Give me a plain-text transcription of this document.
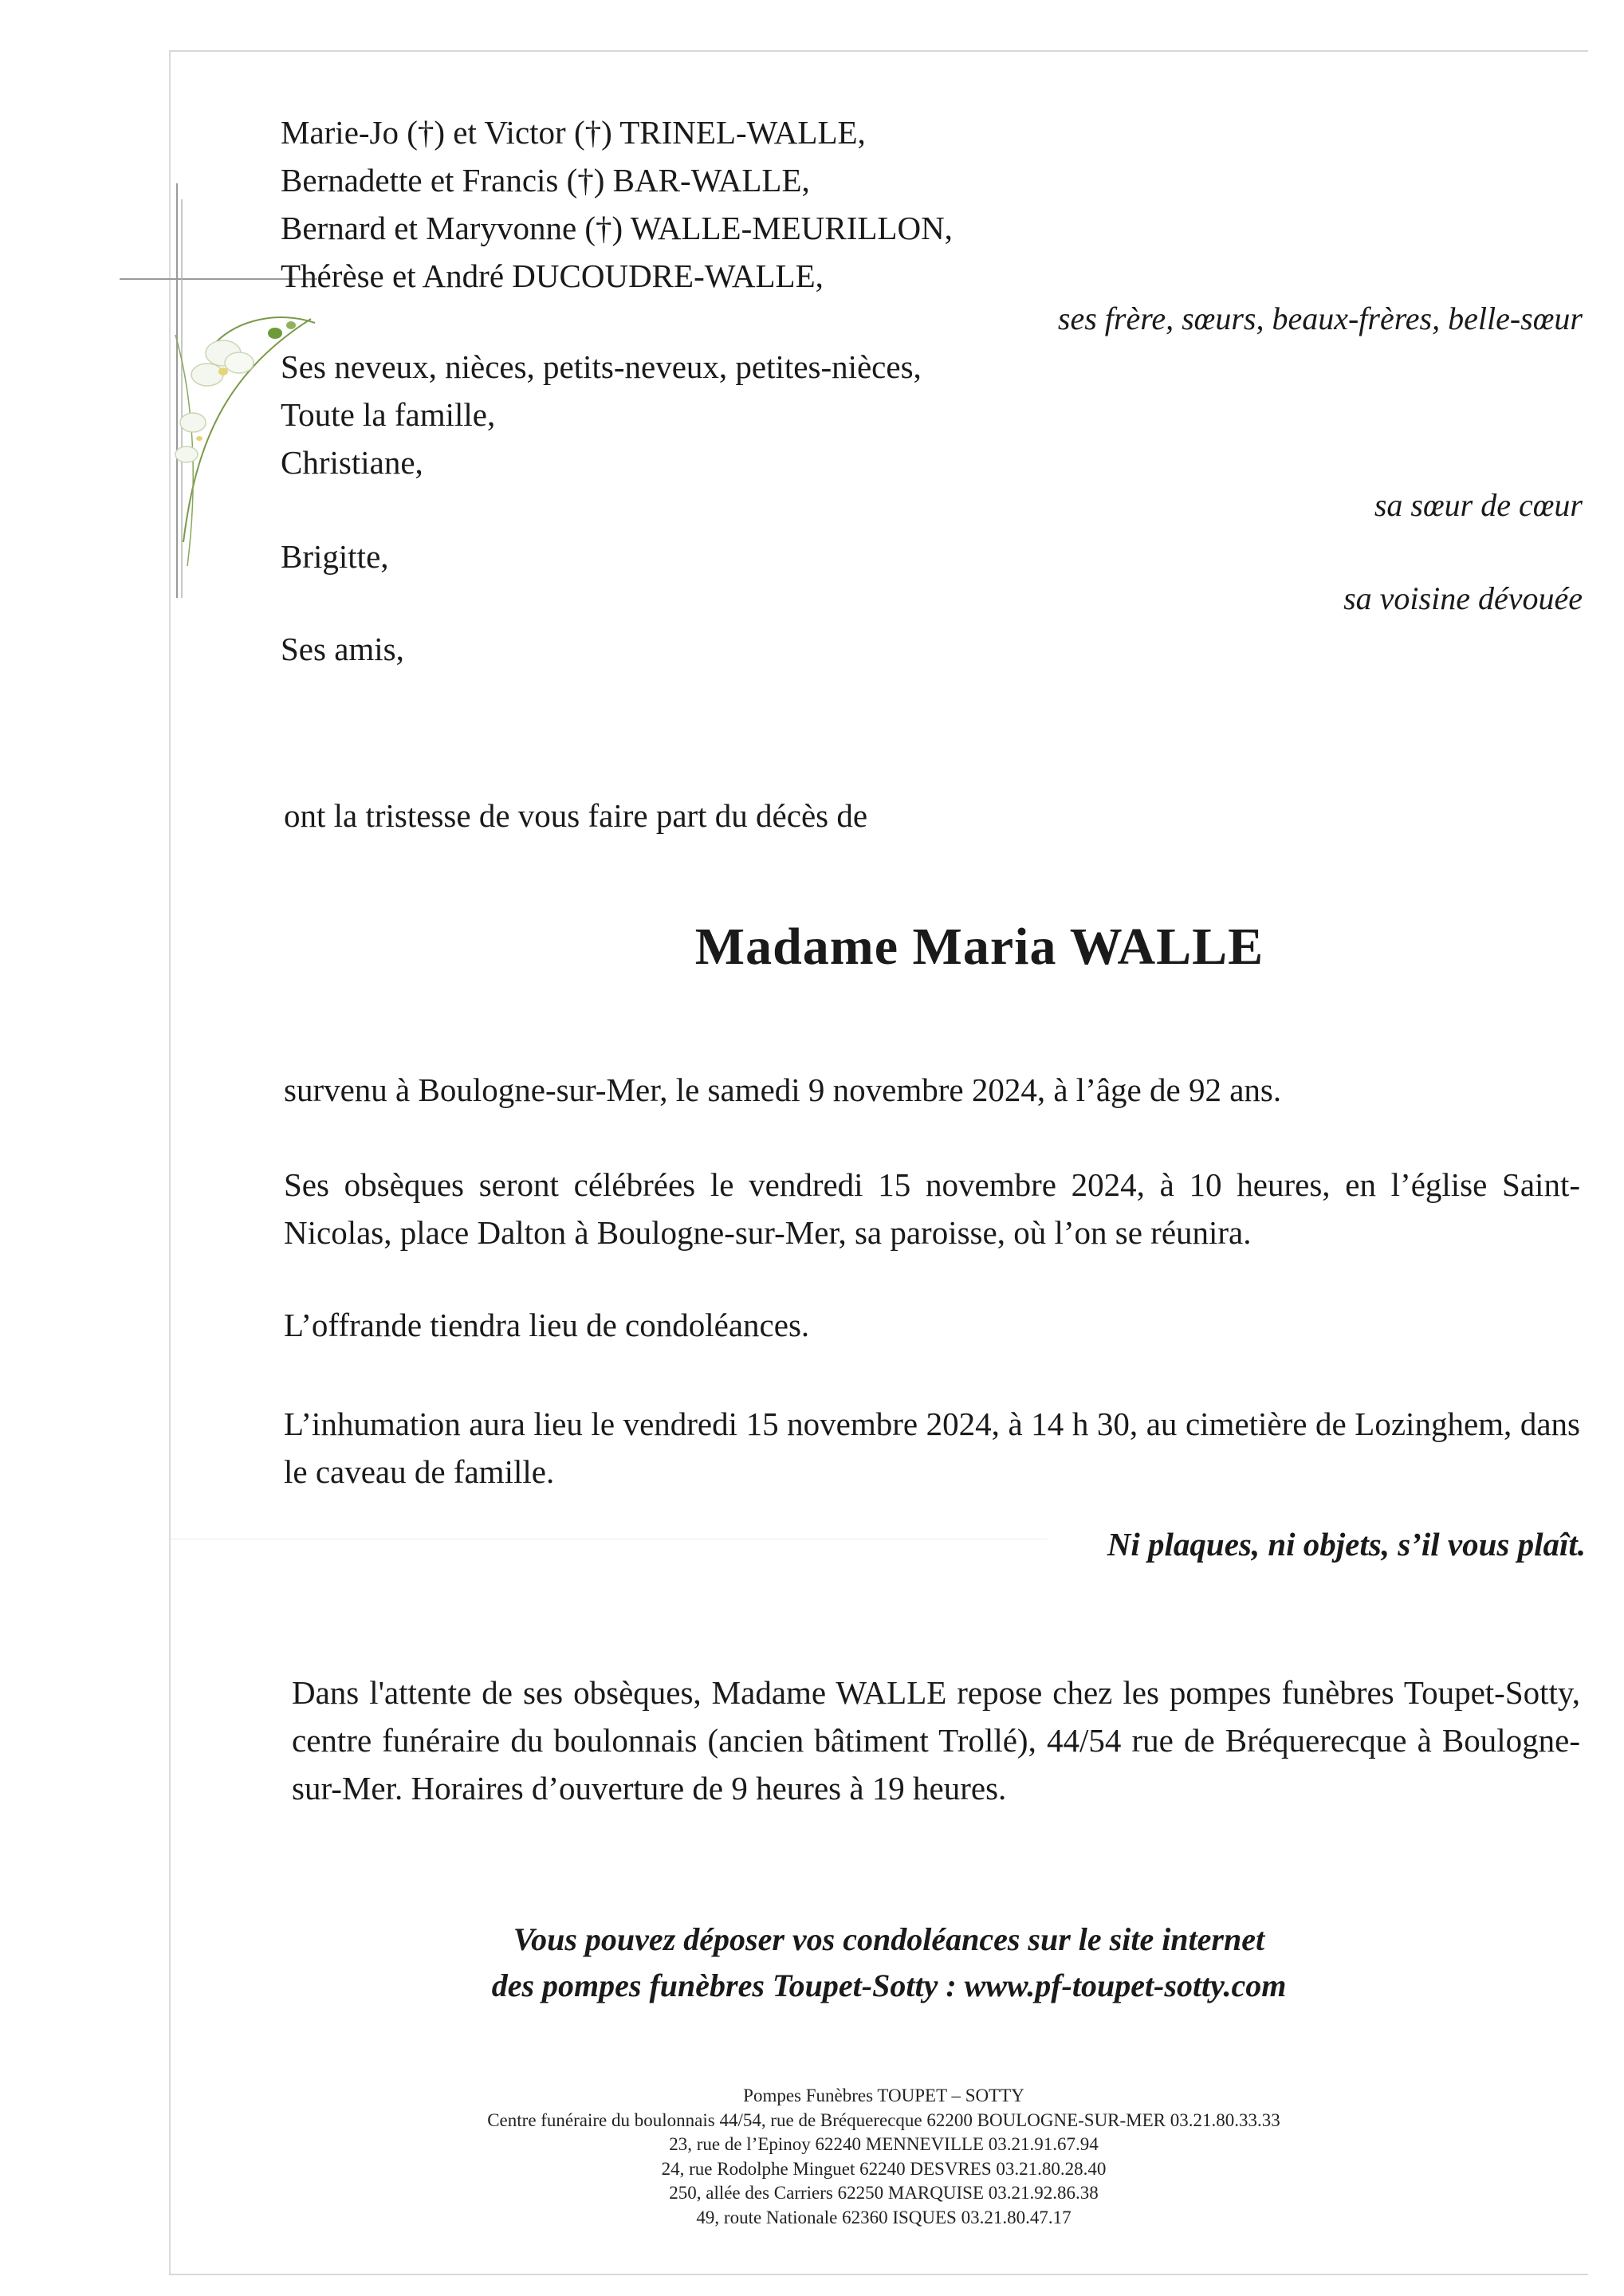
Marie-Jo (†) et Victor (†) TRINEL-WALLE,
Bernadette et Francis (†) BAR-WALLE,
Bernard et Maryvonne (†) WALLE-MEURILLON,
Thérèse et André DUCOUDRE-WALLE,
ses frère, sœurs, beaux-frères, belle-sœur
Ses neveux, nièces, petits-neveux, petites-nièces,
Toute la famille,
Christiane,
sa sœur de cœur
Brigitte,
sa voisine dévouée
Ses amis,
ont la tristesse de vous faire part du décès de
Madame Maria WALLE
survenu à Boulogne-sur-Mer, le samedi 9 novembre 2024, à l’âge de 92 ans.
Ses obsèques seront célébrées le vendredi 15 novembre 2024, à 10 heures, en l’église Saint-Nicolas, place Dalton à Boulogne-sur-Mer, sa paroisse, où l’on se réunira.
L’offrande tiendra lieu de condoléances.
L’inhumation aura lieu le vendredi 15 novembre 2024, à 14 h 30, au cimetière de Lozinghem, dans le caveau de famille.
Ni plaques, ni objets, s’il vous plaît.
Dans l'attente de ses obsèques, Madame WALLE repose chez les pompes funèbres Toupet-Sotty, centre funéraire du boulonnais (ancien bâtiment Trollé), 44/54 rue de Bréquerecque à Boulogne-sur-Mer. Horaires d’ouverture de 9 heures à 19 heures.
Vous pouvez déposer vos condoléances sur le site internet
des pompes funèbres Toupet-Sotty : www.pf-toupet-sotty.com
Pompes Funèbres TOUPET – SOTTY
Centre funéraire du boulonnais 44/54, rue de Bréquerecque 62200 BOULOGNE-SUR-MER 03.21.80.33.33
23, rue de l’Epinoy 62240 MENNEVILLE 03.21.91.67.94
24, rue Rodolphe Minguet 62240 DESVRES 03.21.80.28.40
250, allée des Carriers 62250 MARQUISE 03.21.92.86.38
49, route Nationale 62360 ISQUES 03.21.80.47.17
